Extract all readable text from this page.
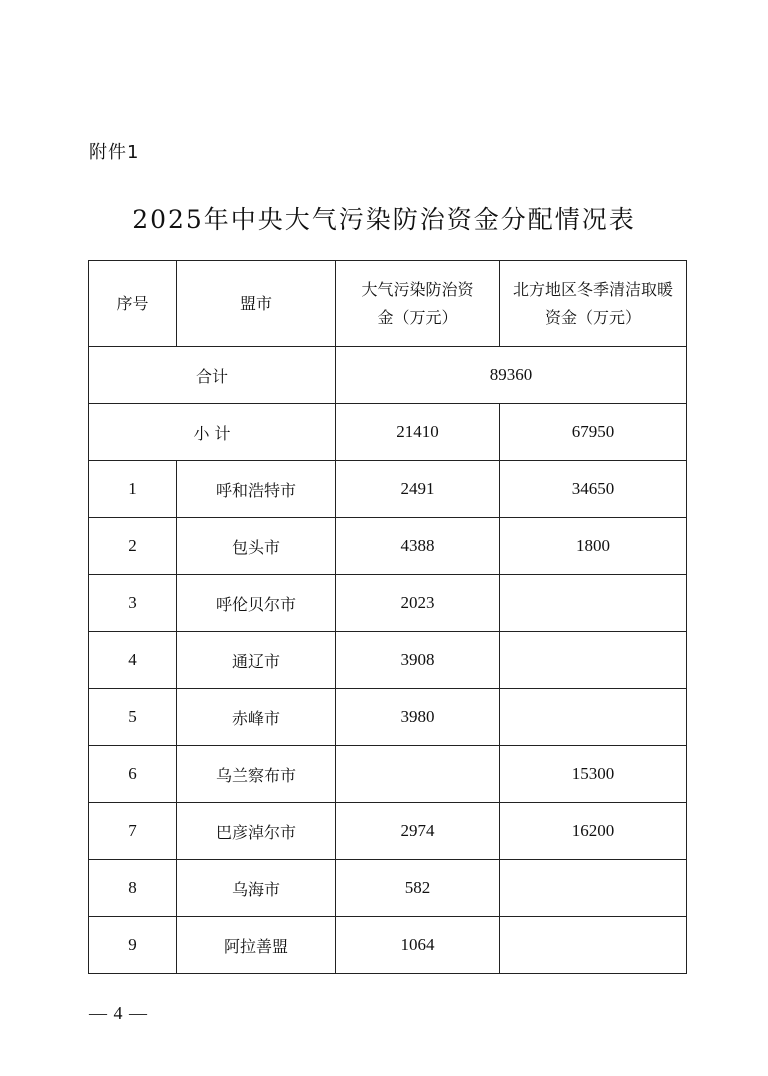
附件1
2025年中央大气污染防治资金分配情况表
序号	盟市	大气污染防治资金（万元）	北方地区冬季清洁取暖资金（万元）
合计		89360	
小 计		21410	67950
1	呼和浩特市	2491	34650
2	包头市	4388	1800
3	呼伦贝尔市	2023	
4	通辽市	3908	
5	赤峰市	3980	
6	乌兰察布市		15300
7	巴彦淖尔市	2974	16200
8	乌海市	582	
9	阿拉善盟	1064	
— 4 —
